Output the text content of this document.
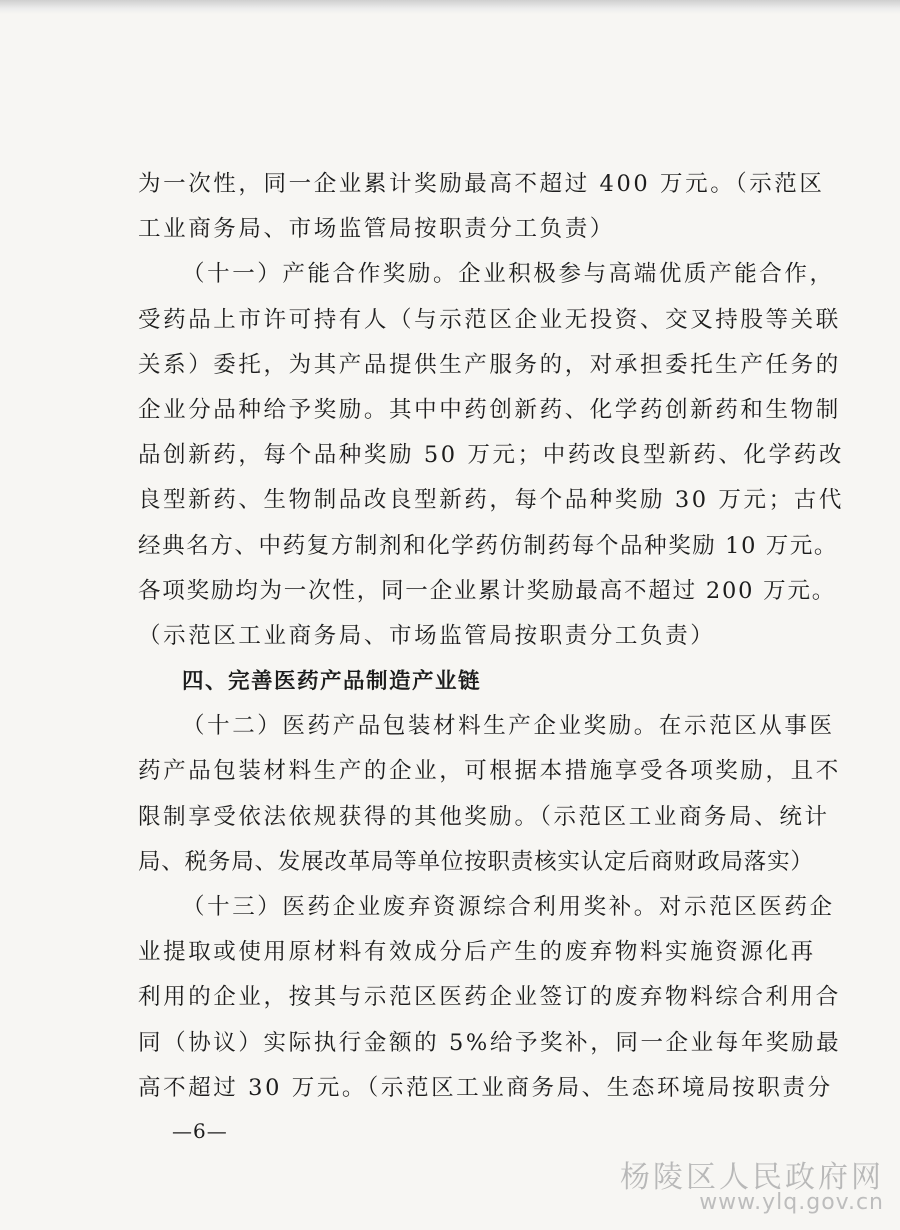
为一次性，同一企业累计奖励最高不超过 400 万元。（示范区
工业商务局、市场监管局按职责分工负责）
（十一）产能合作奖励。企业积极参与高端优质产能合作，
受药品上市许可持有人（与示范区企业无投资、交叉持股等关联
关系）委托，为其产品提供生产服务的，对承担委托生产任务的
企业分品种给予奖励。其中中药创新药、化学药创新药和生物制
品创新药，每个品种奖励 50 万元；中药改良型新药、化学药改
良型新药、生物制品改良型新药，每个品种奖励 30 万元；古代
经典名方、中药复方制剂和化学药仿制药每个品种奖励 10 万元。
各项奖励均为一次性，同一企业累计奖励最高不超过 200 万元。
（示范区工业商务局、市场监管局按职责分工负责）
四、完善医药产品制造产业链
（十二）医药产品包装材料生产企业奖励。在示范区从事医
药产品包装材料生产的企业，可根据本措施享受各项奖励，且不
限制享受依法依规获得的其他奖励。（示范区工业商务局、统计
局、税务局、发展改革局等单位按职责核实认定后商财政局落实）
（十三）医药企业废弃资源综合利用奖补。对示范区医药企
业提取或使用原材料有效成分后产生的废弃物料实施资源化再
利用的企业，按其与示范区医药企业签订的废弃物料综合利用合
同（协议）实际执行金额的 5%给予奖补，同一企业每年奖励最
高不超过 30 万元。（示范区工业商务局、生态环境局按职责分
—6—
杨陵区人民政府网
www.ylq.gov.cn
